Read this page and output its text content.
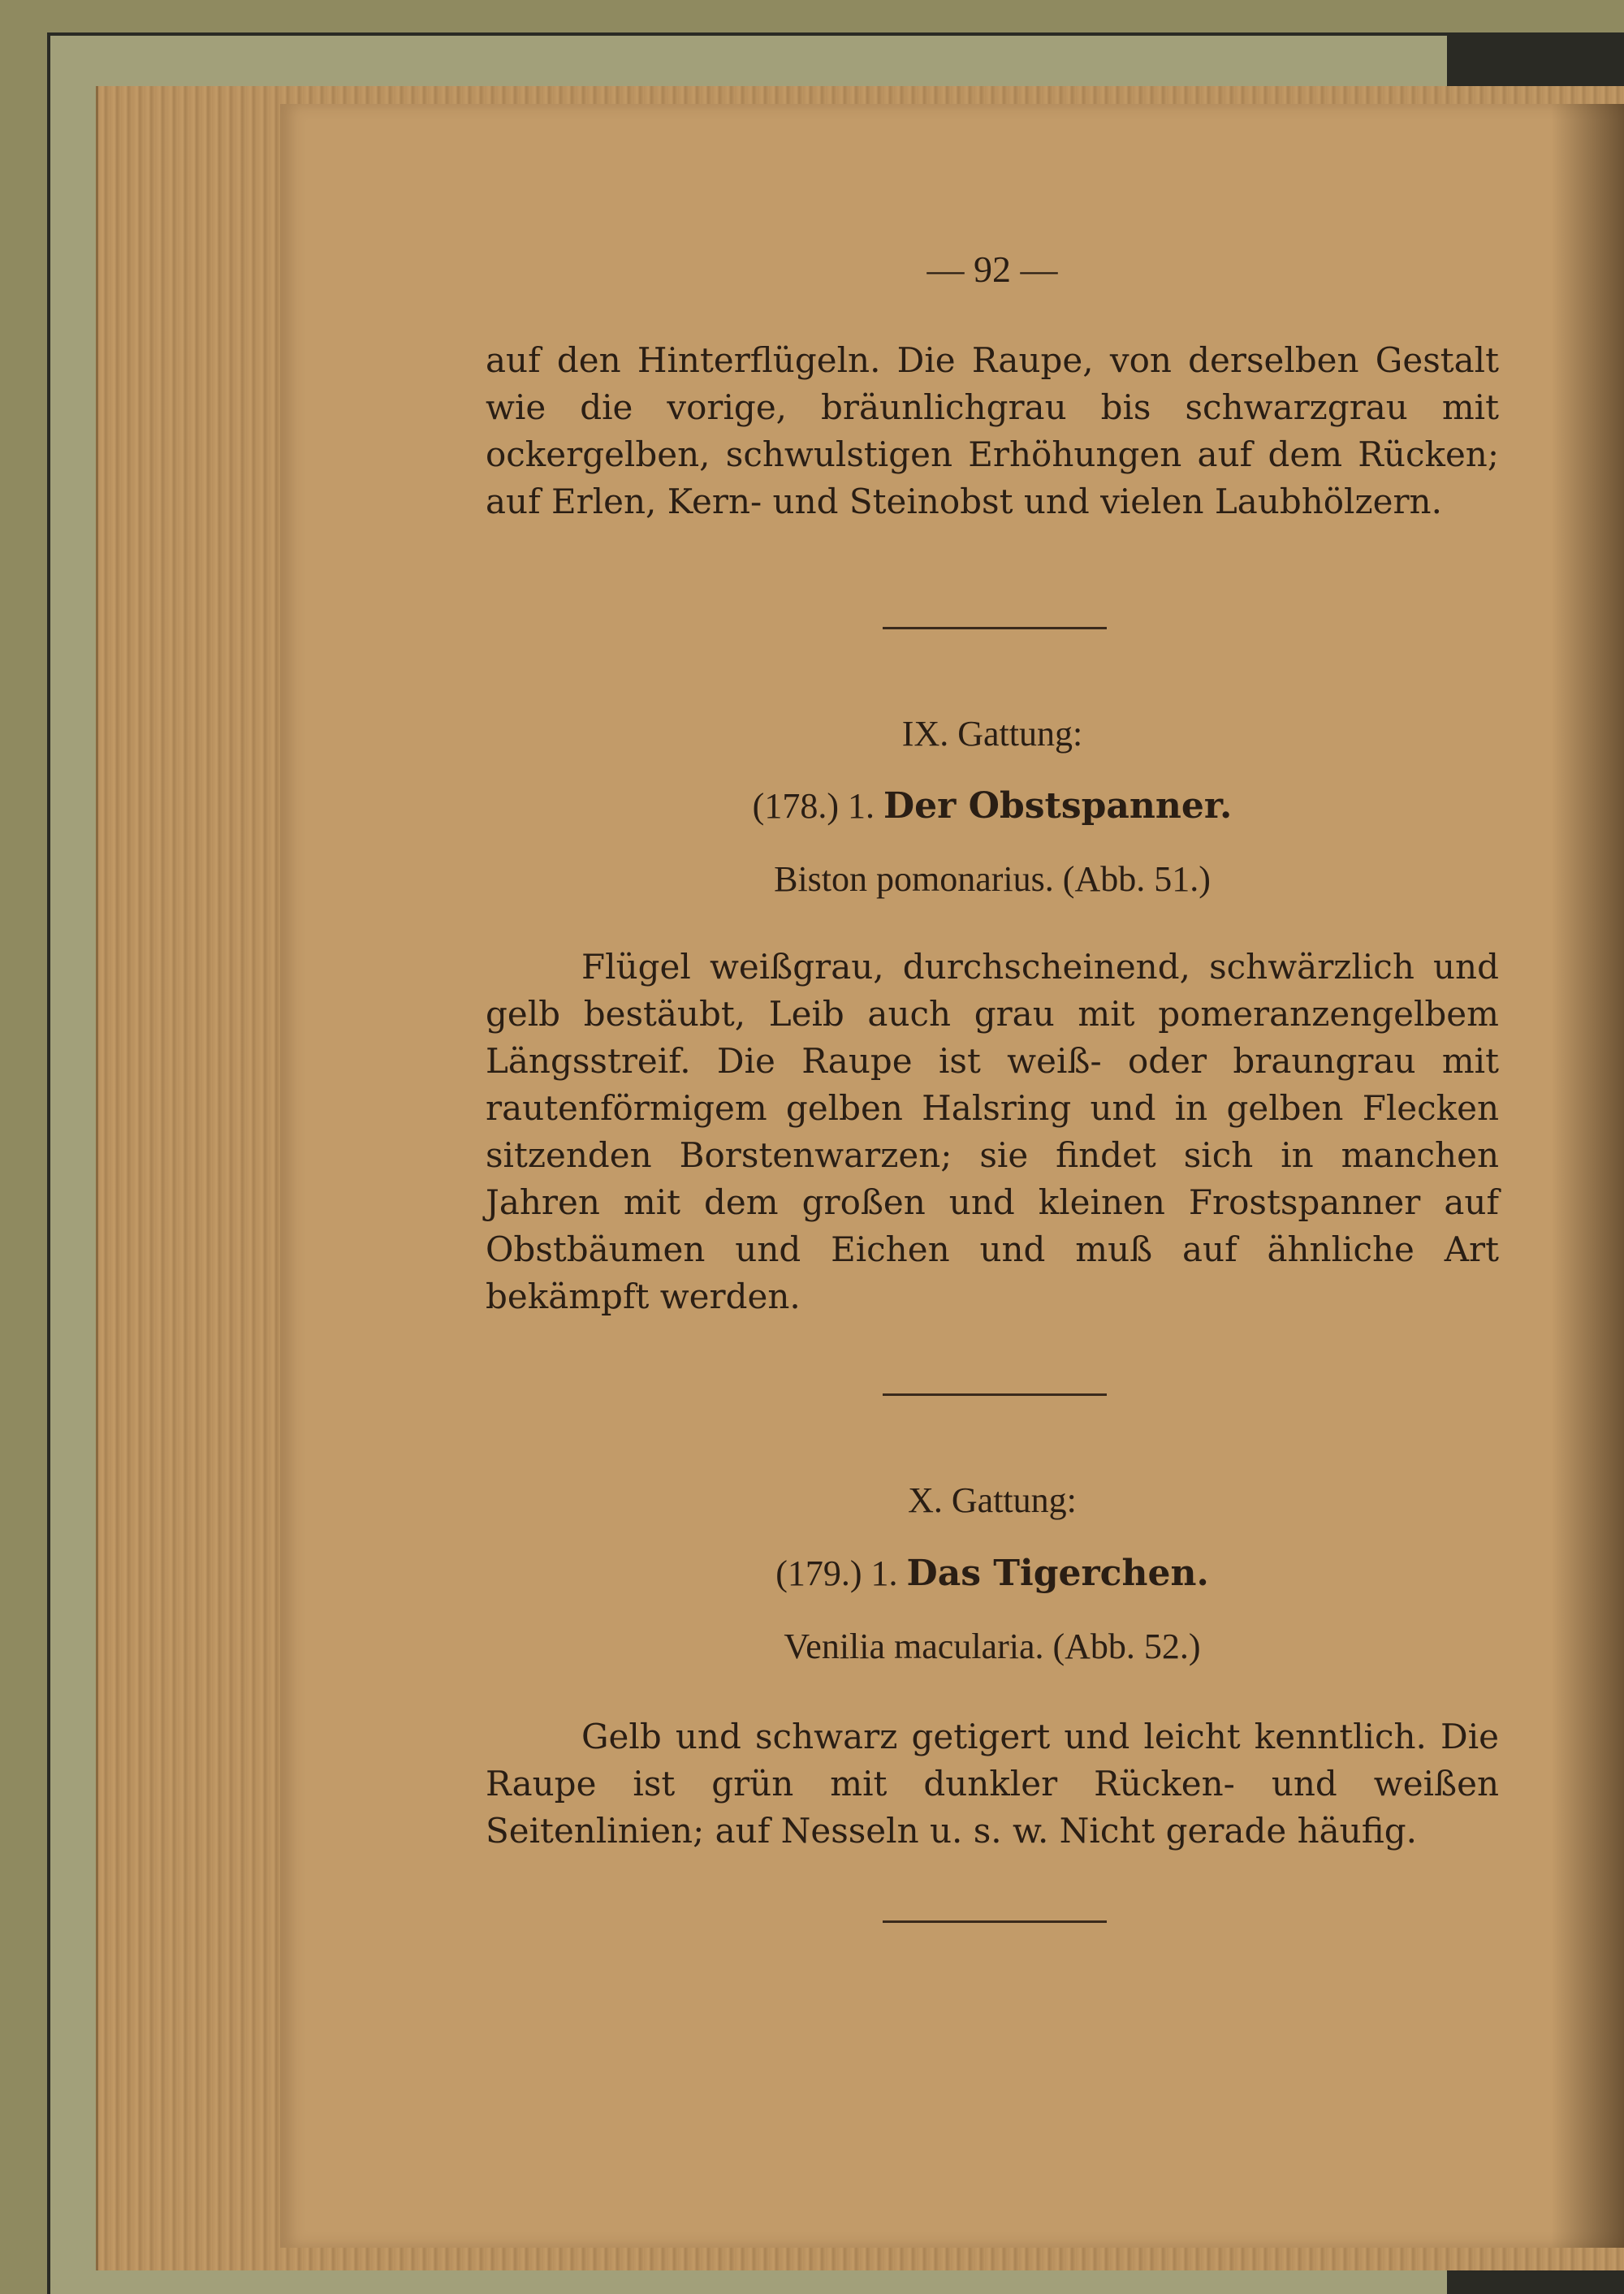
— 92 —

auf den Hinterflügeln. Die Raupe, von derselben Gestalt wie die vorige, bräunlichgrau bis schwarzgrau mit ockergelben, schwulstigen Erhöhungen auf dem Rücken; auf Erlen, Kern- und Steinobst und vielen Laubhölzern.

IX. Gattung:

(178.) 1. Der Obstspanner.

Biston pomonarius. (Abb. 51.)

Flügel weißgrau, durchscheinend, schwärzlich und gelb bestäubt, Leib auch grau mit pomeranzengelbem Längsstreif. Die Raupe ist weiß- oder braungrau mit rautenförmigem gelben Halsring und in gelben Flecken sitzenden Borstenwarzen; sie findet sich in manchen Jahren mit dem großen und kleinen Frostspanner auf Obstbäumen und Eichen und muß auf ähnliche Art bekämpft werden.

X. Gattung:

(179.) 1. Das Tigerchen.

Venilia macularia. (Abb. 52.)

Gelb und schwarz getigert und leicht kenntlich. Die Raupe ist grün mit dunkler Rücken- und weißen Seitenlinien; auf Nesseln u. s. w. Nicht gerade häufig.
